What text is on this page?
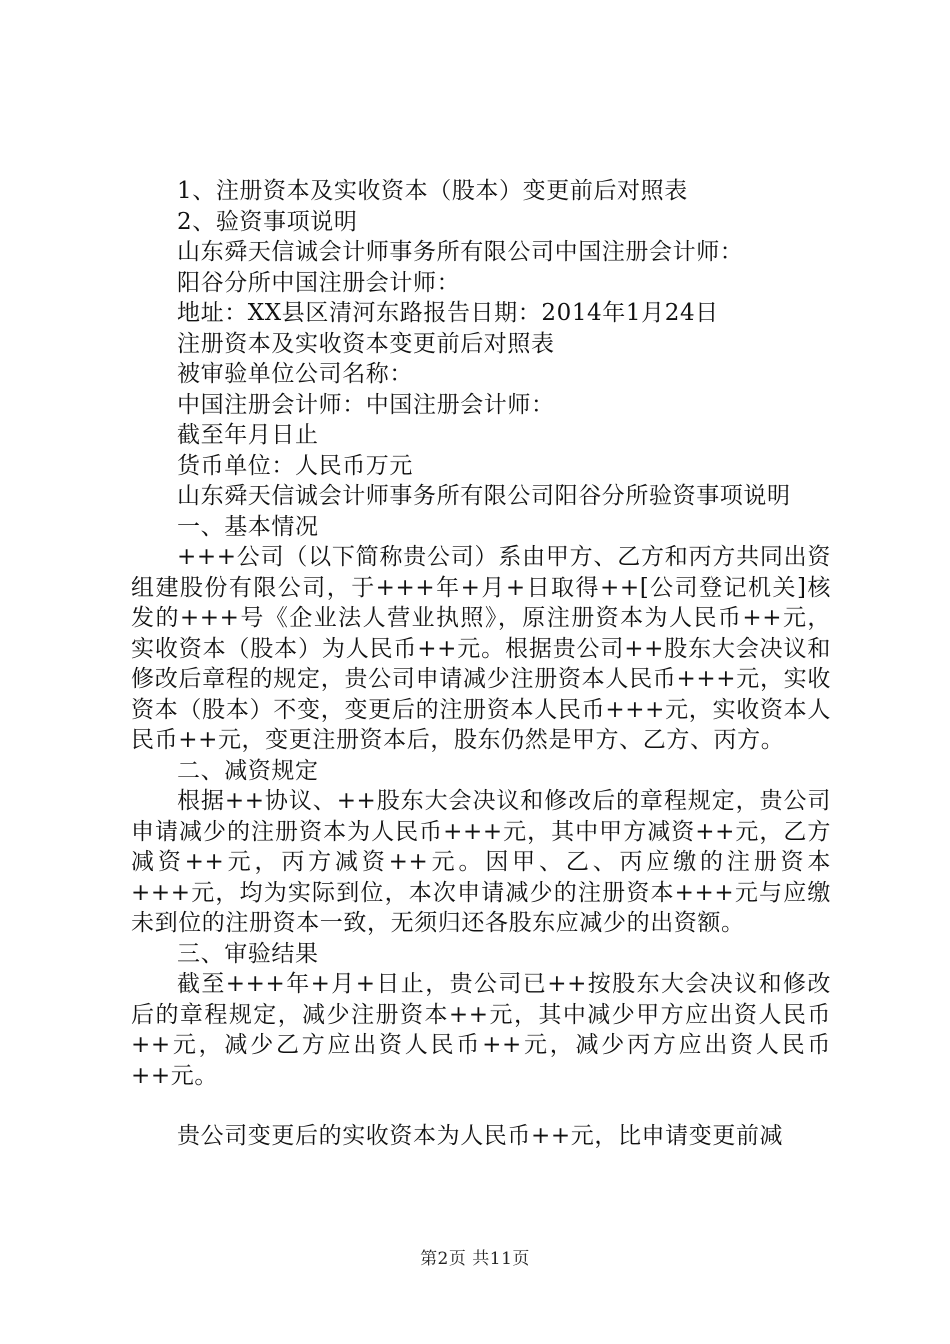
1、注册资本及实收资本（股本）变更前后对照表

2、验资事项说明

山东舜天信诚会计师事务所有限公司中国注册会计师：

阳谷分所中国注册会计师：

地址：XX县区清河东路报告日期：2014年1月24日

注册资本及实收资本变更前后对照表

被审验单位公司名称：

中国注册会计师：中国注册会计师：

截至年月日止

货币单位：人民币万元

山东舜天信诚会计师事务所有限公司阳谷分所验资事项说明

一、基本情况

+++公司（以下简称贵公司）系由甲方、乙方和丙方共同出资组建股份有限公司，于+++年+月+日取得++[公司登记机关]核发的+++号《企业法人营业执照》，原注册资本为人民币++元，实收资本（股本）为人民币++元。根据贵公司++股东大会决议和修改后章程的规定，贵公司申请减少注册资本人民币+++元，实收资本（股本）不变，变更后的注册资本人民币+++元，实收资本人民币++元，变更注册资本后，股东仍然是甲方、乙方、丙方。

二、减资规定

根据++协议、++股东大会决议和修改后的章程规定，贵公司申请减少的注册资本为人民币+++元，其中甲方减资++元，乙方减资++元，丙方减资++元。因甲、乙、丙应缴的注册资本+++元，均为实际到位，本次申请减少的注册资本+++元与应缴未到位的注册资本一致，无须归还各股东应减少的出资额。

三、审验结果

截至+++年+月+日止，贵公司已++按股东大会决议和修改后的章程规定，减少注册资本++元，其中减少甲方应出资人民币++元，减少乙方应出资人民币++元，减少丙方应出资人民币++元。

贵公司变更后的实收资本为人民币++元，比申请变更前减

第2页 共11页
